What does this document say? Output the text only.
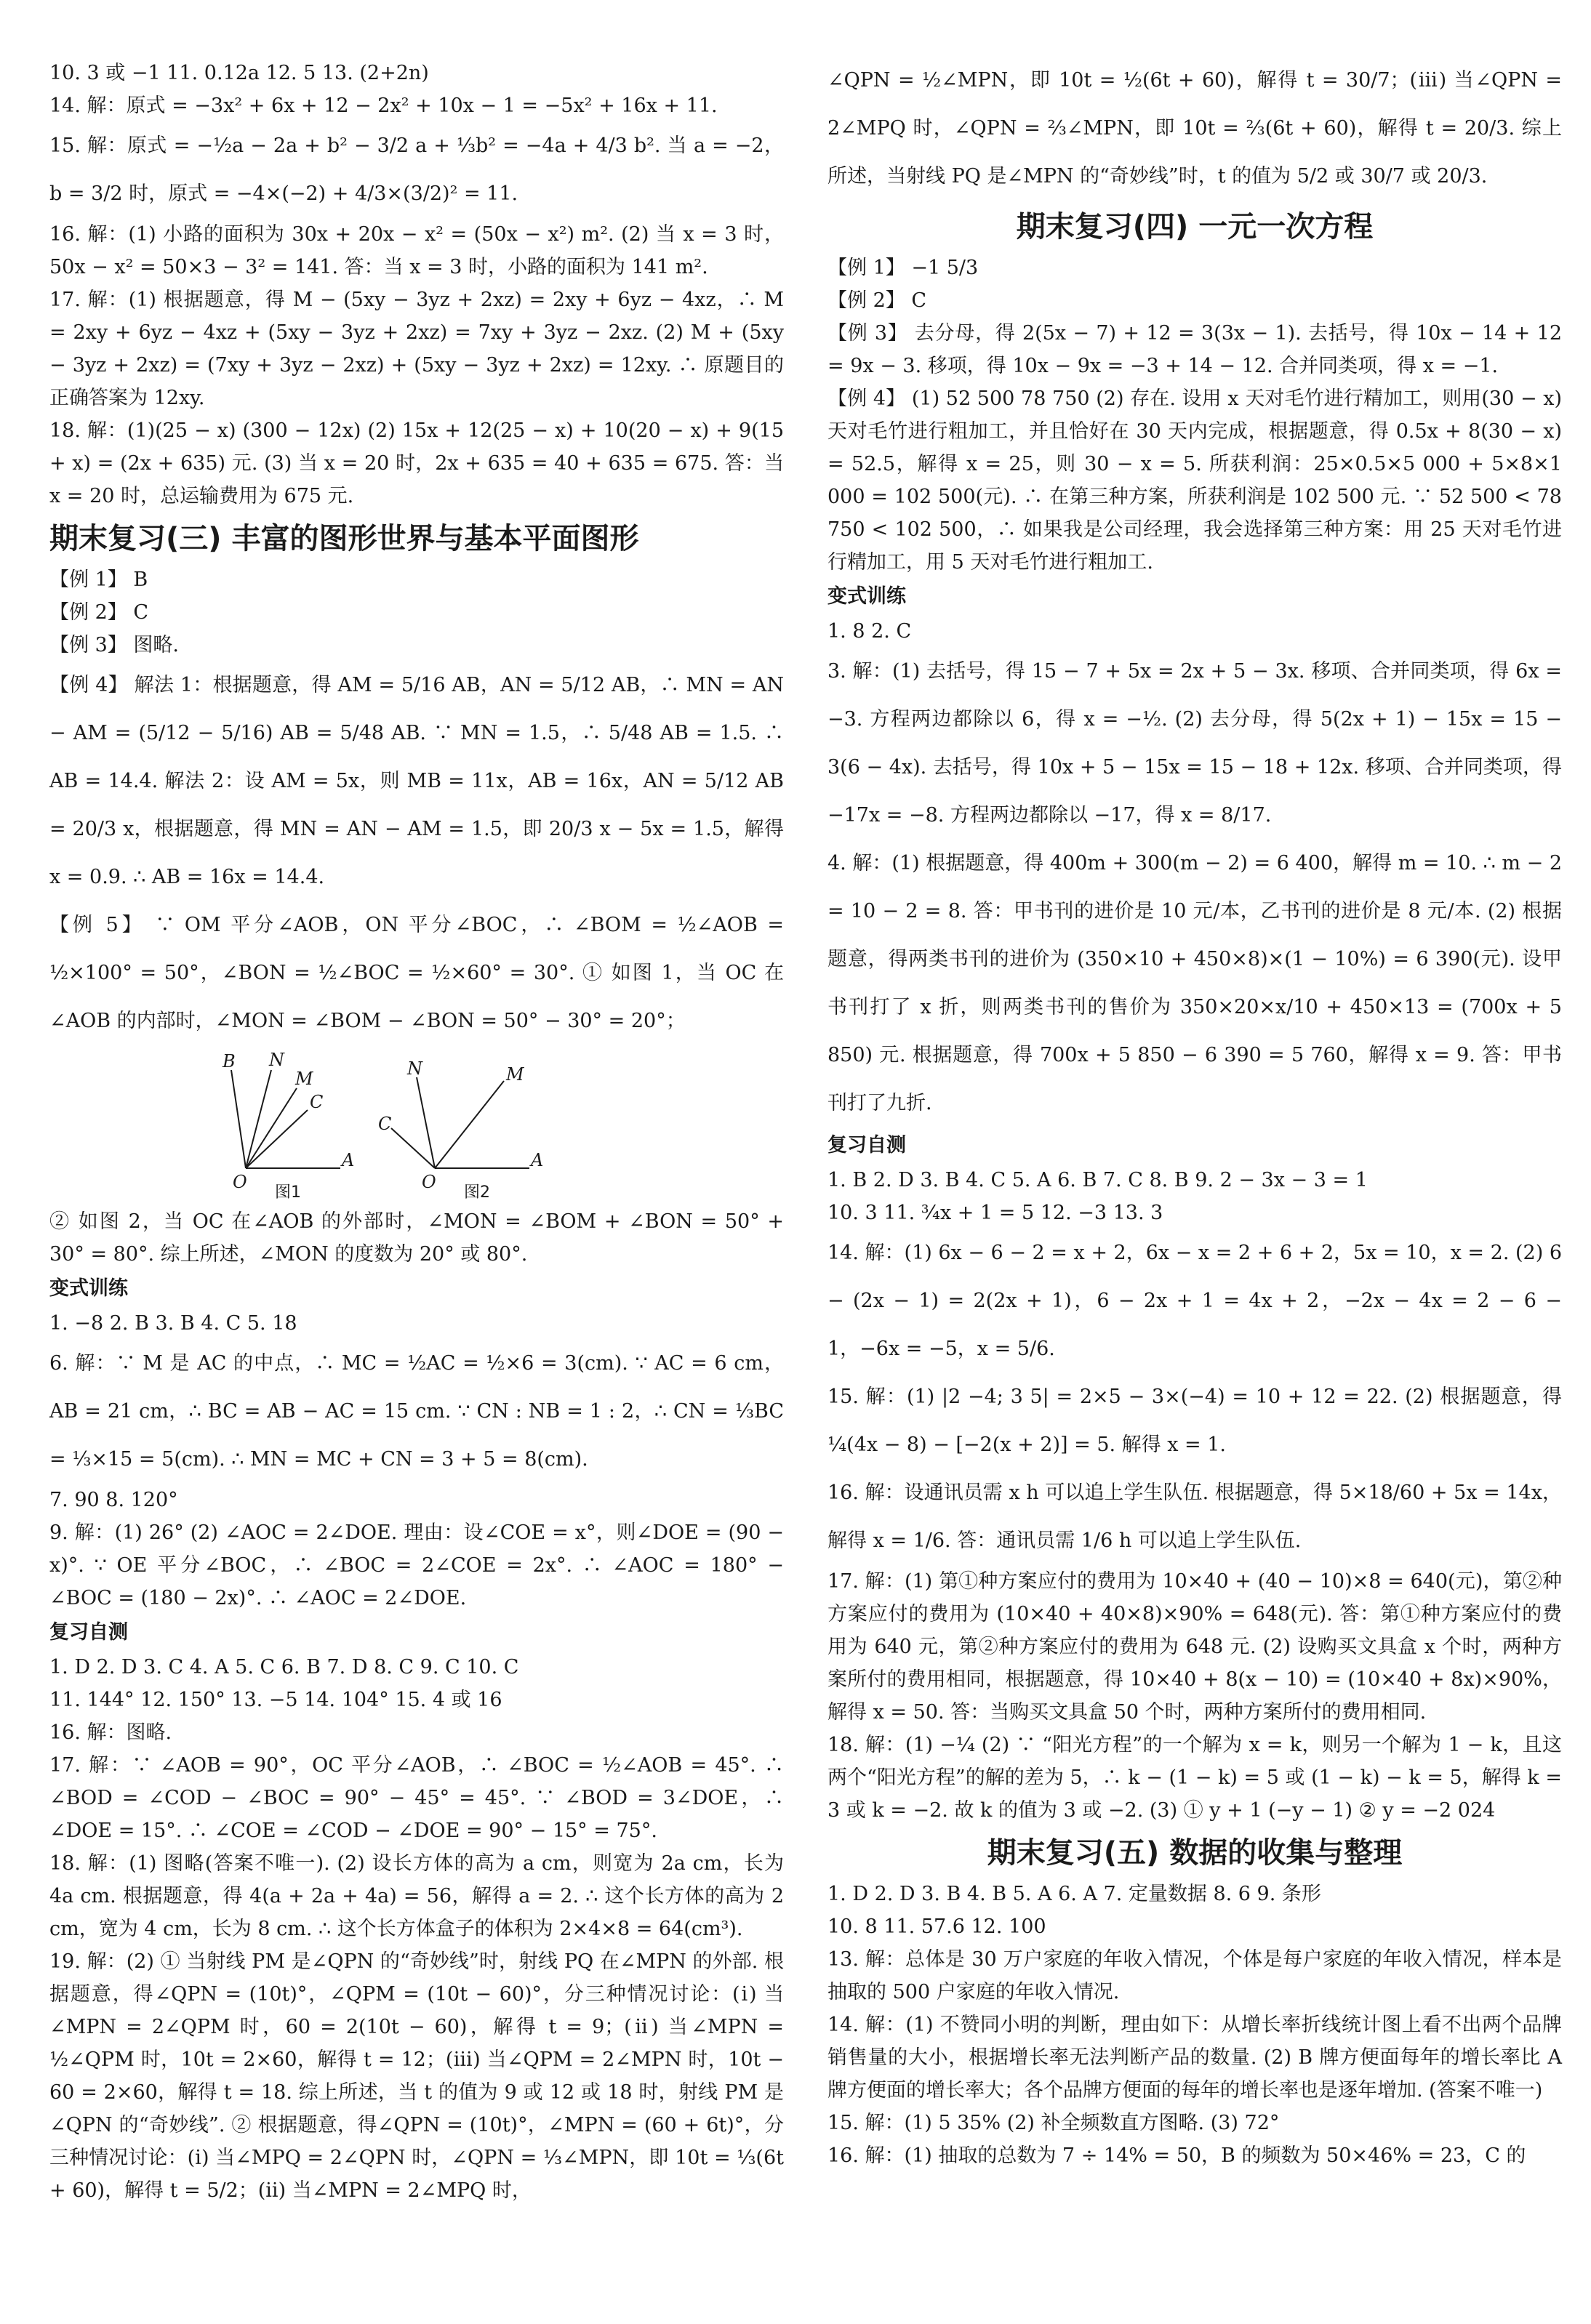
10. 3 或 −1 11. 0.12a 12. 5 13. (2+2n)

14. 解：原式 = −3x² + 6x + 12 − 2x² + 10x − 1 = −5x² + 16x + 11.

15. 解：原式 = −½a − 2a + b² − 3/2 a + ⅓b² = −4a + 4/3 b². 当 a = −2，b = 3/2 时，原式 = −4×(−2) + 4/3×(3/2)² = 11.

16. 解：(1) 小路的面积为 30x + 20x − x² = (50x − x²) m². (2) 当 x = 3 时，50x − x² = 50×3 − 3² = 141. 答：当 x = 3 时，小路的面积为 141 m².

17. 解：(1) 根据题意，得 M − (5xy − 3yz + 2xz) = 2xy + 6yz − 4xz，∴ M = 2xy + 6yz − 4xz + (5xy − 3yz + 2xz) = 7xy + 3yz − 2xz. (2) M + (5xy − 3yz + 2xz) = (7xy + 3yz − 2xz) + (5xy − 3yz + 2xz) = 12xy. ∴ 原题目的正确答案为 12xy.

18. 解：(1)(25 − x) (300 − 12x) (2) 15x + 12(25 − x) + 10(20 − x) + 9(15 + x) = (2x + 635) 元. (3) 当 x = 20 时，2x + 635 = 40 + 635 = 675. 答：当 x = 20 时，总运输费用为 675 元.

期末复习(三) 丰富的图形世界与基本平面图形

【例 1】 B

【例 2】 C

【例 3】 图略.

【例 4】 解法 1：根据题意，得 AM = 5/16 AB，AN = 5/12 AB，∴ MN = AN − AM = (5/12 − 5/16) AB = 5/48 AB. ∵ MN = 1.5，∴ 5/48 AB = 1.5. ∴ AB = 14.4. 解法 2：设 AM = 5x，则 MB = 11x，AB = 16x，AN = 5/12 AB = 20/3 x，根据题意，得 MN = AN − AM = 1.5，即 20/3 x − 5x = 1.5，解得 x = 0.9. ∴ AB = 16x = 14.4.

【例 5】 ∵ OM 平分∠AOB，ON 平分∠BOC，∴ ∠BOM = ½∠AOB = ½×100° = 50°，∠BON = ½∠BOC = ½×60° = 30°. ① 如图 1，当 OC 在∠AOB 的内部时，∠MON = ∠BOM − ∠BON = 50° − 30° = 20°；

B N
M
C
O
A
图1
N
C
M
O
A
图2

② 如图 2，当 OC 在∠AOB 的外部时，∠MON = ∠BOM + ∠BON = 50° + 30° = 80°. 综上所述，∠MON 的度数为 20° 或 80°.

变式训练

1. −8 2. B 3. B 4. C 5. 18

6. 解：∵ M 是 AC 的中点，∴ MC = ½AC = ½×6 = 3(cm). ∵ AC = 6 cm，AB = 21 cm，∴ BC = AB − AC = 15 cm. ∵ CN : NB = 1 : 2，∴ CN = ⅓BC = ⅓×15 = 5(cm). ∴ MN = MC + CN = 3 + 5 = 8(cm).

7. 90 8. 120°

9. 解：(1) 26° (2) ∠AOC = 2∠DOE. 理由：设∠COE = x°，则∠DOE = (90 − x)°. ∵ OE 平分∠BOC，∴ ∠BOC = 2∠COE = 2x°. ∴ ∠AOC = 180° − ∠BOC = (180 − 2x)°. ∴ ∠AOC = 2∠DOE.

复习自测

1. D 2. D 3. C 4. A 5. C 6. B 7. D 8. C 9. C 10. C

11. 144° 12. 150° 13. −5 14. 104° 15. 4 或 16

16. 解：图略.

17. 解：∵ ∠AOB = 90°，OC 平分∠AOB，∴ ∠BOC = ½∠AOB = 45°. ∴ ∠BOD = ∠COD − ∠BOC = 90° − 45° = 45°. ∵ ∠BOD = 3∠DOE，∴ ∠DOE = 15°. ∴ ∠COE = ∠COD − ∠DOE = 90° − 15° = 75°.

18. 解：(1) 图略(答案不唯一). (2) 设长方体的高为 a cm，则宽为 2a cm，长为 4a cm. 根据题意，得 4(a + 2a + 4a) = 56，解得 a = 2. ∴ 这个长方体的高为 2 cm，宽为 4 cm，长为 8 cm. ∴ 这个长方体盒子的体积为 2×4×8 = 64(cm³).

19. 解：(2) ① 当射线 PM 是∠QPN 的“奇妙线”时，射线 PQ 在∠MPN 的外部. 根据题意，得∠QPN = (10t)°，∠QPM = (10t − 60)°，分三种情况讨论：(ⅰ) 当∠MPN = 2∠QPM 时，60 = 2(10t − 60)，解得 t = 9；(ⅱ) 当∠MPN = ½∠QPM 时，10t = 2×60，解得 t = 12；(ⅲ) 当∠QPM = 2∠MPN 时，10t − 60 = 2×60，解得 t = 18. 综上所述，当 t 的值为 9 或 12 或 18 时，射线 PM 是∠QPN 的“奇妙线”. ② 根据题意，得∠QPN = (10t)°，∠MPN = (60 + 6t)°，分三种情况讨论：(ⅰ) 当∠MPQ = 2∠QPN 时，∠QPN = ⅓∠MPN，即 10t = ⅓(6t + 60)，解得 t = 5/2；(ⅱ) 当∠MPN = 2∠MPQ 时，

∠QPN = ½∠MPN，即 10t = ½(6t + 60)，解得 t = 30/7；(ⅲ) 当∠QPN = 2∠MPQ 时，∠QPN = ⅔∠MPN，即 10t = ⅔(6t + 60)，解得 t = 20/3. 综上所述，当射线 PQ 是∠MPN 的“奇妙线”时，t 的值为 5/2 或 30/7 或 20/3.

期末复习(四) 一元一次方程

【例 1】 −1 5/3

【例 2】 C

【例 3】 去分母，得 2(5x − 7) + 12 = 3(3x − 1). 去括号，得 10x − 14 + 12 = 9x − 3. 移项，得 10x − 9x = −3 + 14 − 12. 合并同类项，得 x = −1.

【例 4】 (1) 52 500 78 750 (2) 存在. 设用 x 天对毛竹进行精加工，则用(30 − x)天对毛竹进行粗加工，并且恰好在 30 天内完成，根据题意，得 0.5x + 8(30 − x) = 52.5，解得 x = 25，则 30 − x = 5. 所获利润：25×0.5×5 000 + 5×8×1 000 = 102 500(元). ∴ 在第三种方案，所获利润是 102 500 元. ∵ 52 500 < 78 750 < 102 500，∴ 如果我是公司经理，我会选择第三种方案：用 25 天对毛竹进行精加工，用 5 天对毛竹进行粗加工.

变式训练

1. 8 2. C

3. 解：(1) 去括号，得 15 − 7 + 5x = 2x + 5 − 3x. 移项、合并同类项，得 6x = −3. 方程两边都除以 6，得 x = −½. (2) 去分母，得 5(2x + 1) − 15x = 15 − 3(6 − 4x). 去括号，得 10x + 5 − 15x = 15 − 18 + 12x. 移项、合并同类项，得 −17x = −8. 方程两边都除以 −17，得 x = 8/17.

4. 解：(1) 根据题意，得 400m + 300(m − 2) = 6 400，解得 m = 10. ∴ m − 2 = 10 − 2 = 8. 答：甲书刊的进价是 10 元/本，乙书刊的进价是 8 元/本. (2) 根据题意，得两类书刊的进价为 (350×10 + 450×8)×(1 − 10%) = 6 390(元). 设甲书刊打了 x 折，则两类书刊的售价为 350×20×x/10 + 450×13 = (700x + 5 850) 元. 根据题意，得 700x + 5 850 − 6 390 = 5 760，解得 x = 9. 答：甲书刊打了九折.

复习自测

1. B 2. D 3. B 4. C 5. A 6. B 7. C 8. B 9. 2 − 3x − 3 = 1

10. 3 11. ¾x + 1 = 5 12. −3 13. 3

14. 解：(1) 6x − 6 − 2 = x + 2，6x − x = 2 + 6 + 2，5x = 10，x = 2. (2) 6 − (2x − 1) = 2(2x + 1)，6 − 2x + 1 = 4x + 2，−2x − 4x = 2 − 6 − 1，−6x = −5，x = 5/6.

15. 解：(1) |2 −4; 3 5| = 2×5 − 3×(−4) = 10 + 12 = 22. (2) 根据题意，得 ¼(4x − 8) − [−2(x + 2)] = 5. 解得 x = 1.

16. 解：设通讯员需 x h 可以追上学生队伍. 根据题意，得 5×18/60 + 5x = 14x，解得 x = 1/6. 答：通讯员需 1/6 h 可以追上学生队伍.

17. 解：(1) 第①种方案应付的费用为 10×40 + (40 − 10)×8 = 640(元)，第②种方案应付的费用为 (10×40 + 40×8)×90% = 648(元). 答：第①种方案应付的费用为 640 元，第②种方案应付的费用为 648 元. (2) 设购买文具盒 x 个时，两种方案所付的费用相同，根据题意，得 10×40 + 8(x − 10) = (10×40 + 8x)×90%，解得 x = 50. 答：当购买文具盒 50 个时，两种方案所付的费用相同.

18. 解：(1) −¼ (2) ∵ “阳光方程”的一个解为 x = k，则另一个解为 1 − k，且这两个“阳光方程”的解的差为 5，∴ k − (1 − k) = 5 或 (1 − k) − k = 5，解得 k = 3 或 k = −2. 故 k 的值为 3 或 −2. (3) ① y + 1 (−y − 1) ② y = −2 024

期末复习(五) 数据的收集与整理

1. D 2. D 3. B 4. B 5. A 6. A 7. 定量数据 8. 6 9. 条形

10. 8 11. 57.6 12. 100

13. 解：总体是 30 万户家庭的年收入情况，个体是每户家庭的年收入情况，样本是抽取的 500 户家庭的年收入情况.

14. 解：(1) 不赞同小明的判断，理由如下：从增长率折线统计图上看不出两个品牌销售量的大小，根据增长率无法判断产品的数量. (2) B 牌方便面每年的增长率比 A 牌方便面的增长率大；各个品牌方便面的每年的增长率也是逐年增加. (答案不唯一)

15. 解：(1) 5 35% (2) 补全频数直方图略. (3) 72°

16. 解：(1) 抽取的总数为 7 ÷ 14% = 50，B 的频数为 50×46% = 23，C 的
